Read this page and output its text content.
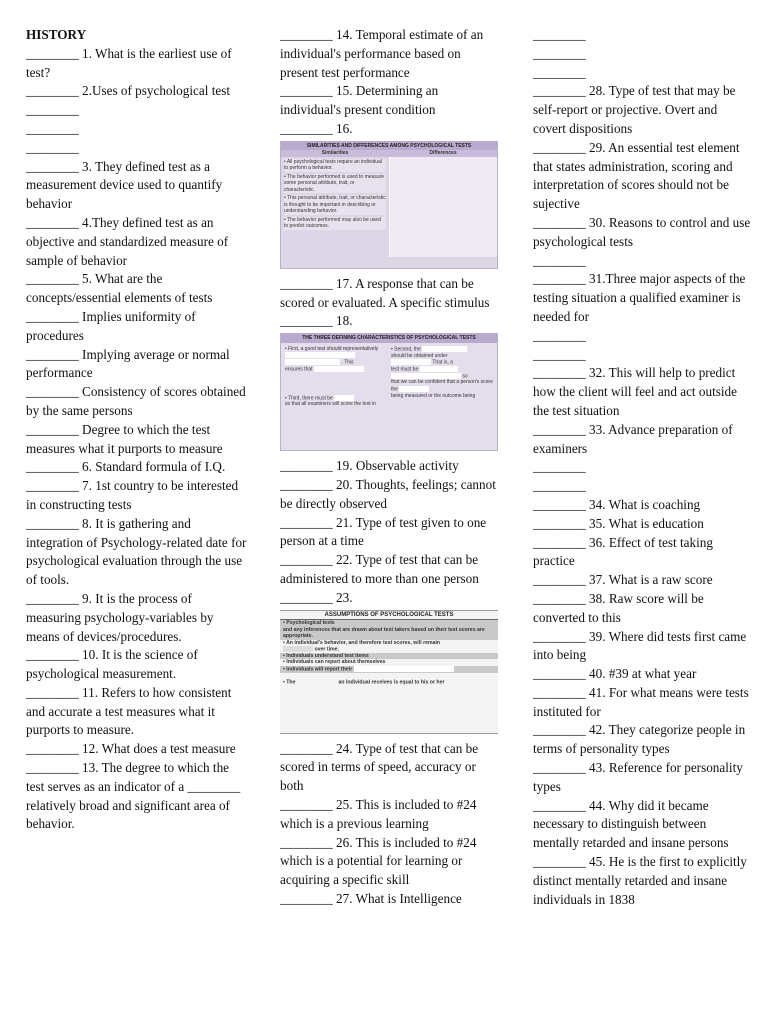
HISTORY

________ 1. What is the earliest use of test?

________ 2.Uses of psychological test

________

________

________

________ 3. They defined test as a measurement device used to quantify behavior

________ 4.They defined test as an objective and standardized measure of sample of behavior

________ 5. What are the concepts/essential elements of tests

________ Implies uniformity of procedures

________ Implying average or normal performance

________ Consistency of scores obtained by the same persons

________ Degree to which the test measures what it purports to measure

________ 6. Standard formula of I.Q.

________ 7. 1st country to be interested in constructing tests

________ 8. It is gathering and integration of Psychology-related date for psychological evaluation through the use of tools.

________ 9. It is the process of measuring psychology-variables by means of devices/procedures.

________ 10. It is the science of psychological measurement.

________ 11. Refers to how consistent and accurate a test measures what it purports to measure.

________ 12. What does a test measure

________ 13. The degree to which the test serves as an indicator of a ________ relatively broad and significant area of behavior.

________ 14. Temporal estimate of an individual's performance based on present test performance

________ 15. Determining an individual's present condition

________ 16.

SIMILARITIES AND DIFFERENCES AMONG PSYCHOLOGICAL TESTS
Similarities	Differences
• All psychological tests require an individual to perform a behavior.
• The behavior performed is used to measure some personal attribute, trait, or characteristic.
• This personal attribute, trait, or characteristic is thought to be important in describing or understanding behavior.
• The behavior performed may also be used to predict outcomes.

________ 17. A response that can be scored or evaluated. A specific stimulus

________ 18.

THE THREE DEFINING CHARACTERISTICS OF PSYCHOLOGICAL TESTS
• First, a good test should representatively
. This
ensures that
• Third, there must be
so that all examiners will score the test in
• Second, the
should be obtained under
That is, a
test must be
so
that we can be confident that a person's score
the
being measured or the outcome being

________ 19. Observable activity

________ 20. Thoughts, feelings; cannot be directly observed

________ 21. Type of test given to one person at a time

________ 22. Type of test that can be administered to more than one person

________ 23.

ASSUMPTIONS OF PSYCHOLOGICAL TESTS
• Psychological tests
and any inferences that are drawn about test takers based on their test scores are appropriate.
• An individual's behavior, and therefore test scores, will remain
over time.
• Individuals understand test items
• Individuals can report about themselves
• Individuals will report their
• The	an individual receives is equal to his or her

________ 24. Type of test that can be scored in terms of speed, accuracy or both

________ 25. This is included to #24 which is a previous learning

________ 26. This is included to #24 which is a potential for learning or acquiring a specific skill

________ 27. What is Intelligence

________

________

________

________ 28. Type of test that may be self-report or projective. Overt and covert dispositions

________ 29. An essential test element that states administration, scoring and interpretation of scores should not be sujective

________ 30. Reasons to control and use psychological tests

________

________ 31.Three major aspects of the testing situation a qualified examiner is needed for

________

________

________ 32. This will help to predict how the client will feel and act outside the test situation

________ 33. Advance preparation of examiners

________

________

________ 34. What is coaching

________ 35. What is education

________ 36. Effect of test taking practice

________ 37. What is a raw score

________ 38. Raw score will be converted to this

________ 39. Where did tests first came into being

________ 40. #39 at what year

________ 41. For what means were tests instituted for

________ 42. They categorize people in terms of personality types

________ 43. Reference for personality types

________ 44. Why did it became necessary to distinguish between mentally retarded and insane persons

________ 45. He is the first to explicitly distinct mentally retarded and insane individuals in 1838
